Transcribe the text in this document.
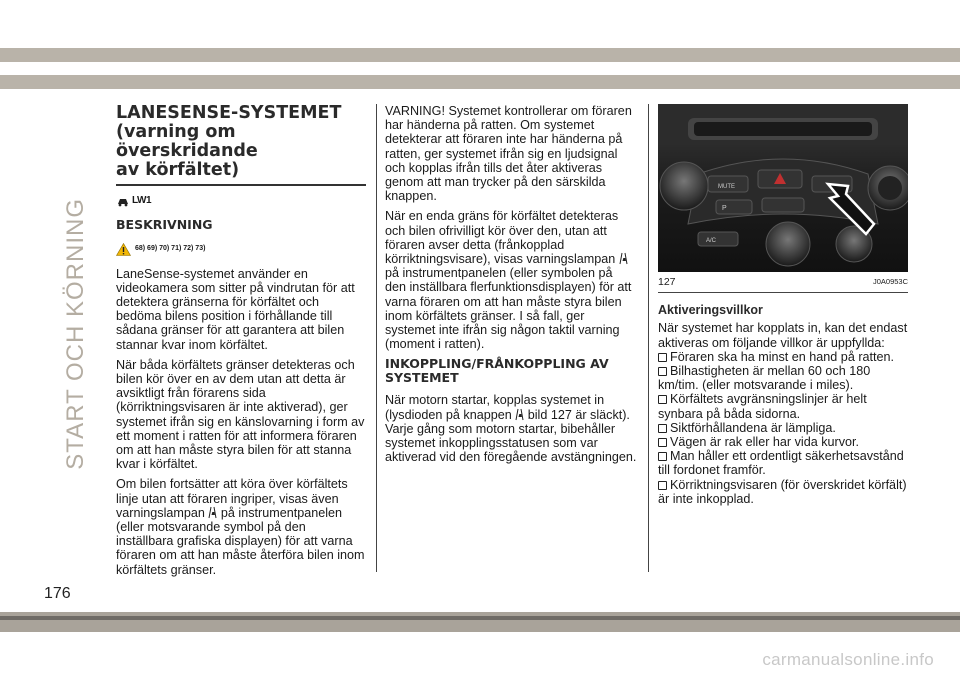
START OCH KÖRNING
LANESENSE-SYSTEMET
(varning om överskridande
av körfältet)
LW1
BESKRIVNING
68) 69) 70) 71) 72) 73)

LaneSense-systemet använder en videokamera som sitter på vindrutan för att detektera gränserna för körfältet och bedöma bilens position i förhållande till sådana gränser för att garantera att bilen stannar kvar inom körfältet.

När båda körfältets gränser detekteras och bilen kör över en av dem utan att detta är avsiktligt från förarens sida (körriktningsvisaren är inte aktiverad), ger systemet ifrån sig en känslovarning i form av ett moment i ratten för att informera föraren om att han måste styra bilen för att stanna kvar i körfältet.

Om bilen fortsätter att köra över körfältets linje utan att föraren ingriper, visas även varningslampan på instrumentpanelen (eller motsvarande symbol på den inställbara grafiska displayen) för att varna föraren om att han måste återföra bilen inom körfältets gränser.

VARNING! Systemet kontrollerar om föraren har händerna på ratten. Om systemet detekterar att föraren inte har händerna på ratten, ger systemet ifrån sig en ljudsignal och kopplas ifrån tills det åter aktiveras genom att man trycker på den särskilda knappen.

När en enda gräns för körfältet detekteras och bilen ofrivilligt kör över den, utan att föraren avser detta (frånkopplad körriktningsvisare), visas varningslampan  på instrumentpanelen (eller symbolen på den inställbara flerfunktionsdisplayen) för att varna föraren om att han måste styra bilen inom körfältets gränser. I så fall, ger systemet inte ifrån sig någon taktil varning (moment i ratten).

INKOPPLING/FRÅNKOPPLING AV SYSTEMET

När motorn startar, kopplas systemet in (lysdioden på knappen bild 127 är släckt). Varje gång som motorn startar, bibehåller systemet inkopplingsstatusen som var aktiverad vid den föregående avstängningen.

MUTE
P
A/C
127	J0A0953C
Aktiveringsvillkor

När systemet har kopplats in, kan det endast aktiveras om följande villkor är uppfyllda:

Föraren ska ha minst en hand på ratten.
Bilhastigheten är mellan 60 och 180 km/tim. (eller motsvarande i miles).
Körfältets avgränsningslinjer är helt synbara på båda sidorna.
Siktförhållandena är lämpliga.
Vägen är rak eller har vida kurvor.
Man håller ett ordentligt säkerhetsavstånd till fordonet framför.
Körriktningsvisaren (för överskridet körfält) är inte inkopplad.
176
carmanualsonline.info
